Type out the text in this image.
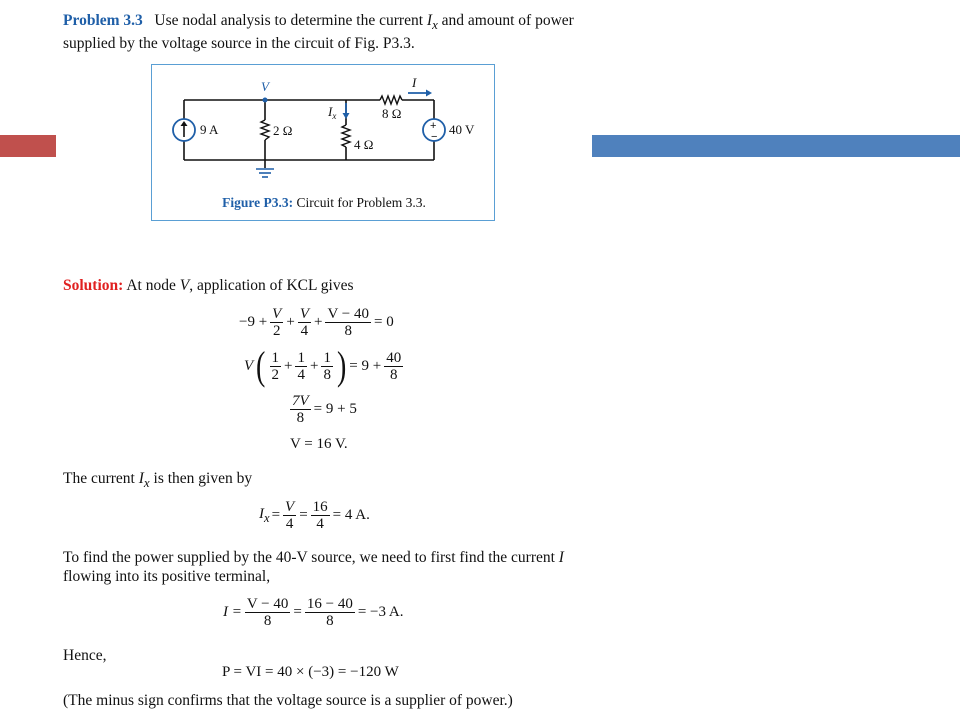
Problem 3.3 Use nodal analysis to determine the current $I_x$ and amount of power supplied by the voltage source in the circuit of Fig. P3.3.
V	I
$I_x$
9 A	2 Ω
4 Ω
8 Ω
40 V
+
−
Figure P3.3: Circuit for Problem 3.3.
Solution: At node V, application of KCL gives
$-9 + \frac{V}{2} + \frac{V}{4} + \frac{V - 40}{8} = 0$
$V( \frac{1}{2} + \frac{1}{4} + \frac{1}{8}$ ) = $9 + \frac{40}{8}$
$\frac{7V}{8} = 9 + 5$
V = 16 V.
The current $I_x$ is then given by
$I_x = \frac{V}{4} = \frac{16}{4} = 4$ A.
To find the power supplied by the 40-V source, we need to first find the current I flowing into its positive terminal,
$I = \frac{V - 40}{8} = \frac{16 - 40}{8} = -3$ A.
Hence,
P = VI = 40 × (−3) = −120 W
(The minus sign confirms that the voltage source is a supplier of power.)
